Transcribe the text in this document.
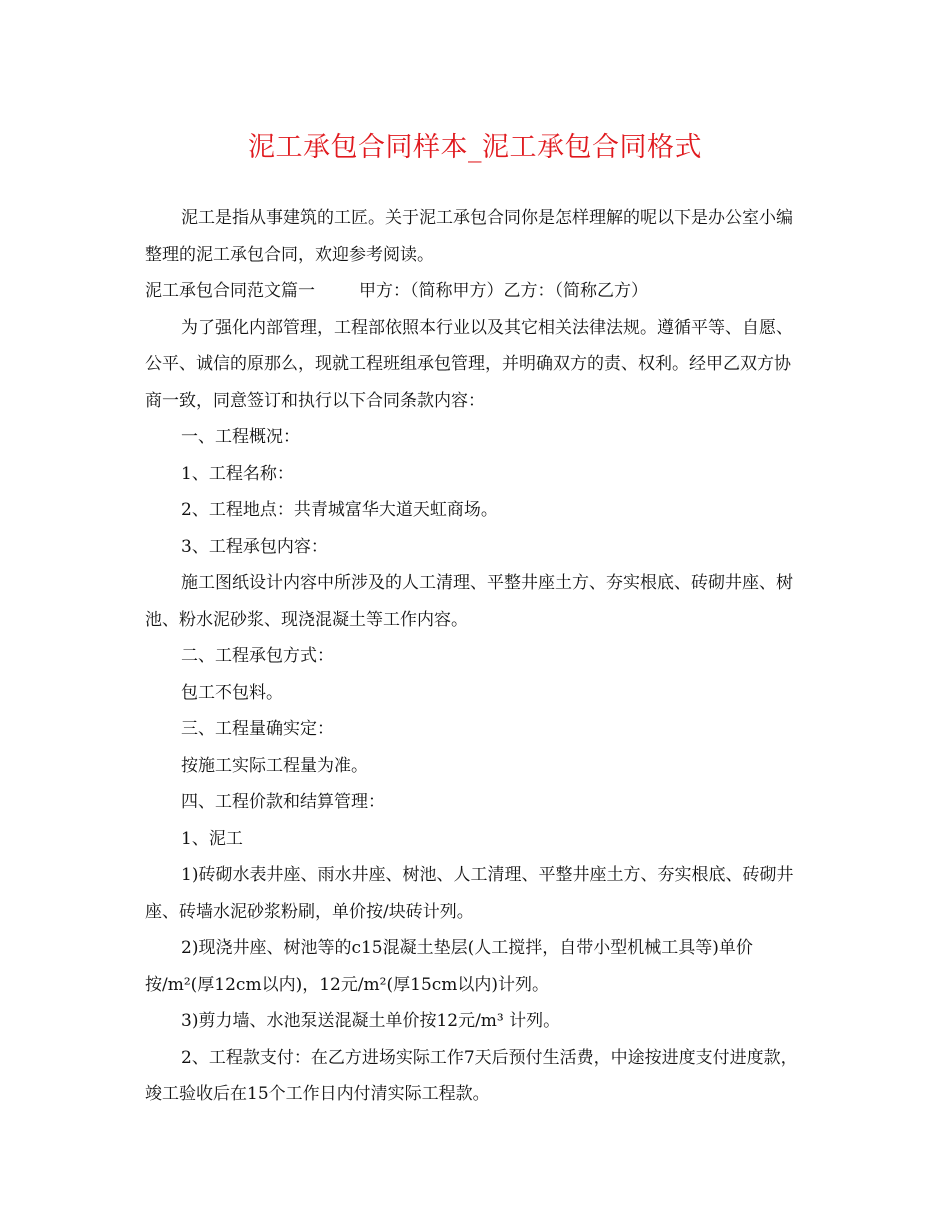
泥工承包合同样本_泥工承包合同格式

泥工是指从事建筑的工匠。关于泥工承包合同你是怎样理解的呢以下是办公室小编整理的泥工承包合同，欢迎参考阅读。

泥工承包合同范文篇一	甲方：（简称甲方）乙方：（简称乙方）

为了强化内部管理，工程部依照本行业以及其它相关法律法规。遵循平等、自愿、公平、诚信的原那么，现就工程班组承包管理，并明确双方的责、权利。经甲乙双方协商一致，同意签订和执行以下合同条款内容：

一、工程概况：

1、工程名称：

2、工程地点：共青城富华大道天虹商场。

3、工程承包内容：

施工图纸设计内容中所涉及的人工清理、平整井座土方、夯实根底、砖砌井座、树池、粉水泥砂浆、现浇混凝土等工作内容。

二、工程承包方式：

包工不包料。

三、工程量确实定：

按施工实际工程量为准。

四、工程价款和结算管理：

1、泥工

1)砖砌水表井座、雨水井座、树池、人工清理、平整井座土方、夯实根底、砖砌井座、砖墙水泥砂浆粉刷，单价按/块砖计列。

2)现浇井座、树池等的c15混凝土垫层(人工搅拌，自带小型机械工具等)单价按/m²(厚12cm以内)，12元/m²(厚15cm以内)计列。

3)剪力墙、水池泵送混凝土单价按12元/m³ 计列。

2、工程款支付：在乙方进场实际工作7天后预付生活费，中途按进度支付进度款，竣工验收后在15个工作日内付清实际工程款。
